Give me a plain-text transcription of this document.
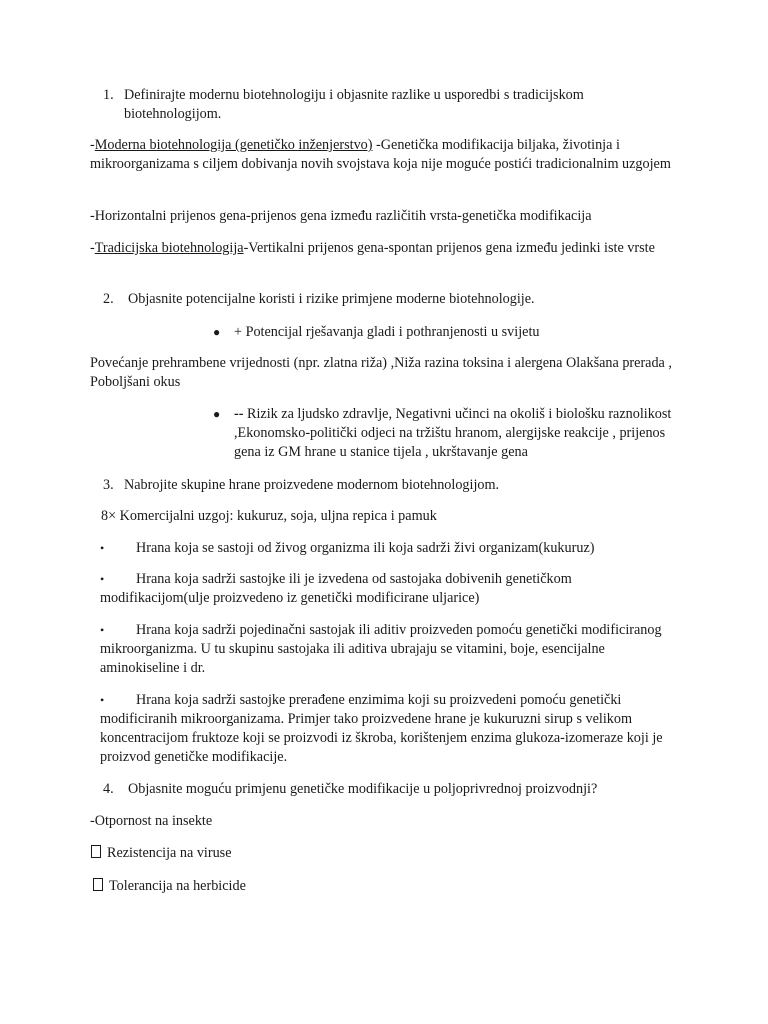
1. Definirajte modernu biotehnologiju i objasnite razlike u usporedbi s tradicijskom biotehnologijom.
-Moderna biotehnologija (genetičko inženjerstvo) -Genetička modifikacija biljaka, životinja i mikroorganizama s ciljem dobivanja novih svojstava koja nije moguće postići tradicionalnim uzgojem
-Horizontalni prijenos gena-prijenos gena između različitih vrsta-genetička modifikacija
-Tradicijska biotehnologija-Vertikalni prijenos gena-spontan prijenos gena između jedinki iste vrste
2. Objasnite potencijalne koristi i rizike primjene moderne biotehnologije.
● + Potencijal rješavanja gladi i pothranjenosti u svijetu
Povećanje prehrambene vrijednosti (npr. zlatna riža) ,Niža razina toksina i alergena Olakšana prerada , Poboljšani okus
● -- Rizik za ljudsko zdravlje, Negativni učinci na okoliš i biološku raznolikost ,Ekonomsko-politički odjeci na tržištu hranom, alergijske reakcije , prijenos gena iz GM hrane u stanice tijela , ukrštavanje gena
3. Nabrojite skupine hrane proizvedene modernom biotehnologijom.
8× Komercijalni uzgoj: kukuruz, soja, uljna repica i pamuk
•	Hrana koja se sastoji od živog organizma ili koja sadrži živi organizam(kukuruz)
•	Hrana koja sadrži sastojke ili je izvedena od sastojaka dobivenih genetičkom modifikacijom(ulje proizvedeno iz genetički modificirane uljarice)
•	Hrana koja sadrži pojedinačni sastojak ili aditiv proizveden pomoću genetički modificiranog mikroorganizma. U tu skupinu sastojaka ili aditiva ubrajaju se vitamini, boje, esencijalne aminokiseline i dr.
•	Hrana koja sadrži sastojke prerađene enzimima koji su proizvedeni pomoću genetički modificiranih mikroorganizama. Primjer tako proizvedene hrane je kukuruzni sirup s velikom koncentracijom fruktoze koji se proizvodi iz škroba, korištenjem enzima glukoza-izomeraze koji je proizvod genetičke modifikacije.
4. Objasnite moguću primjenu genetičke modifikacije u poljoprivrednoj proizvodnji?
-Otpornost na insekte
Rezistencija na viruse
Tolerancija na herbicide
